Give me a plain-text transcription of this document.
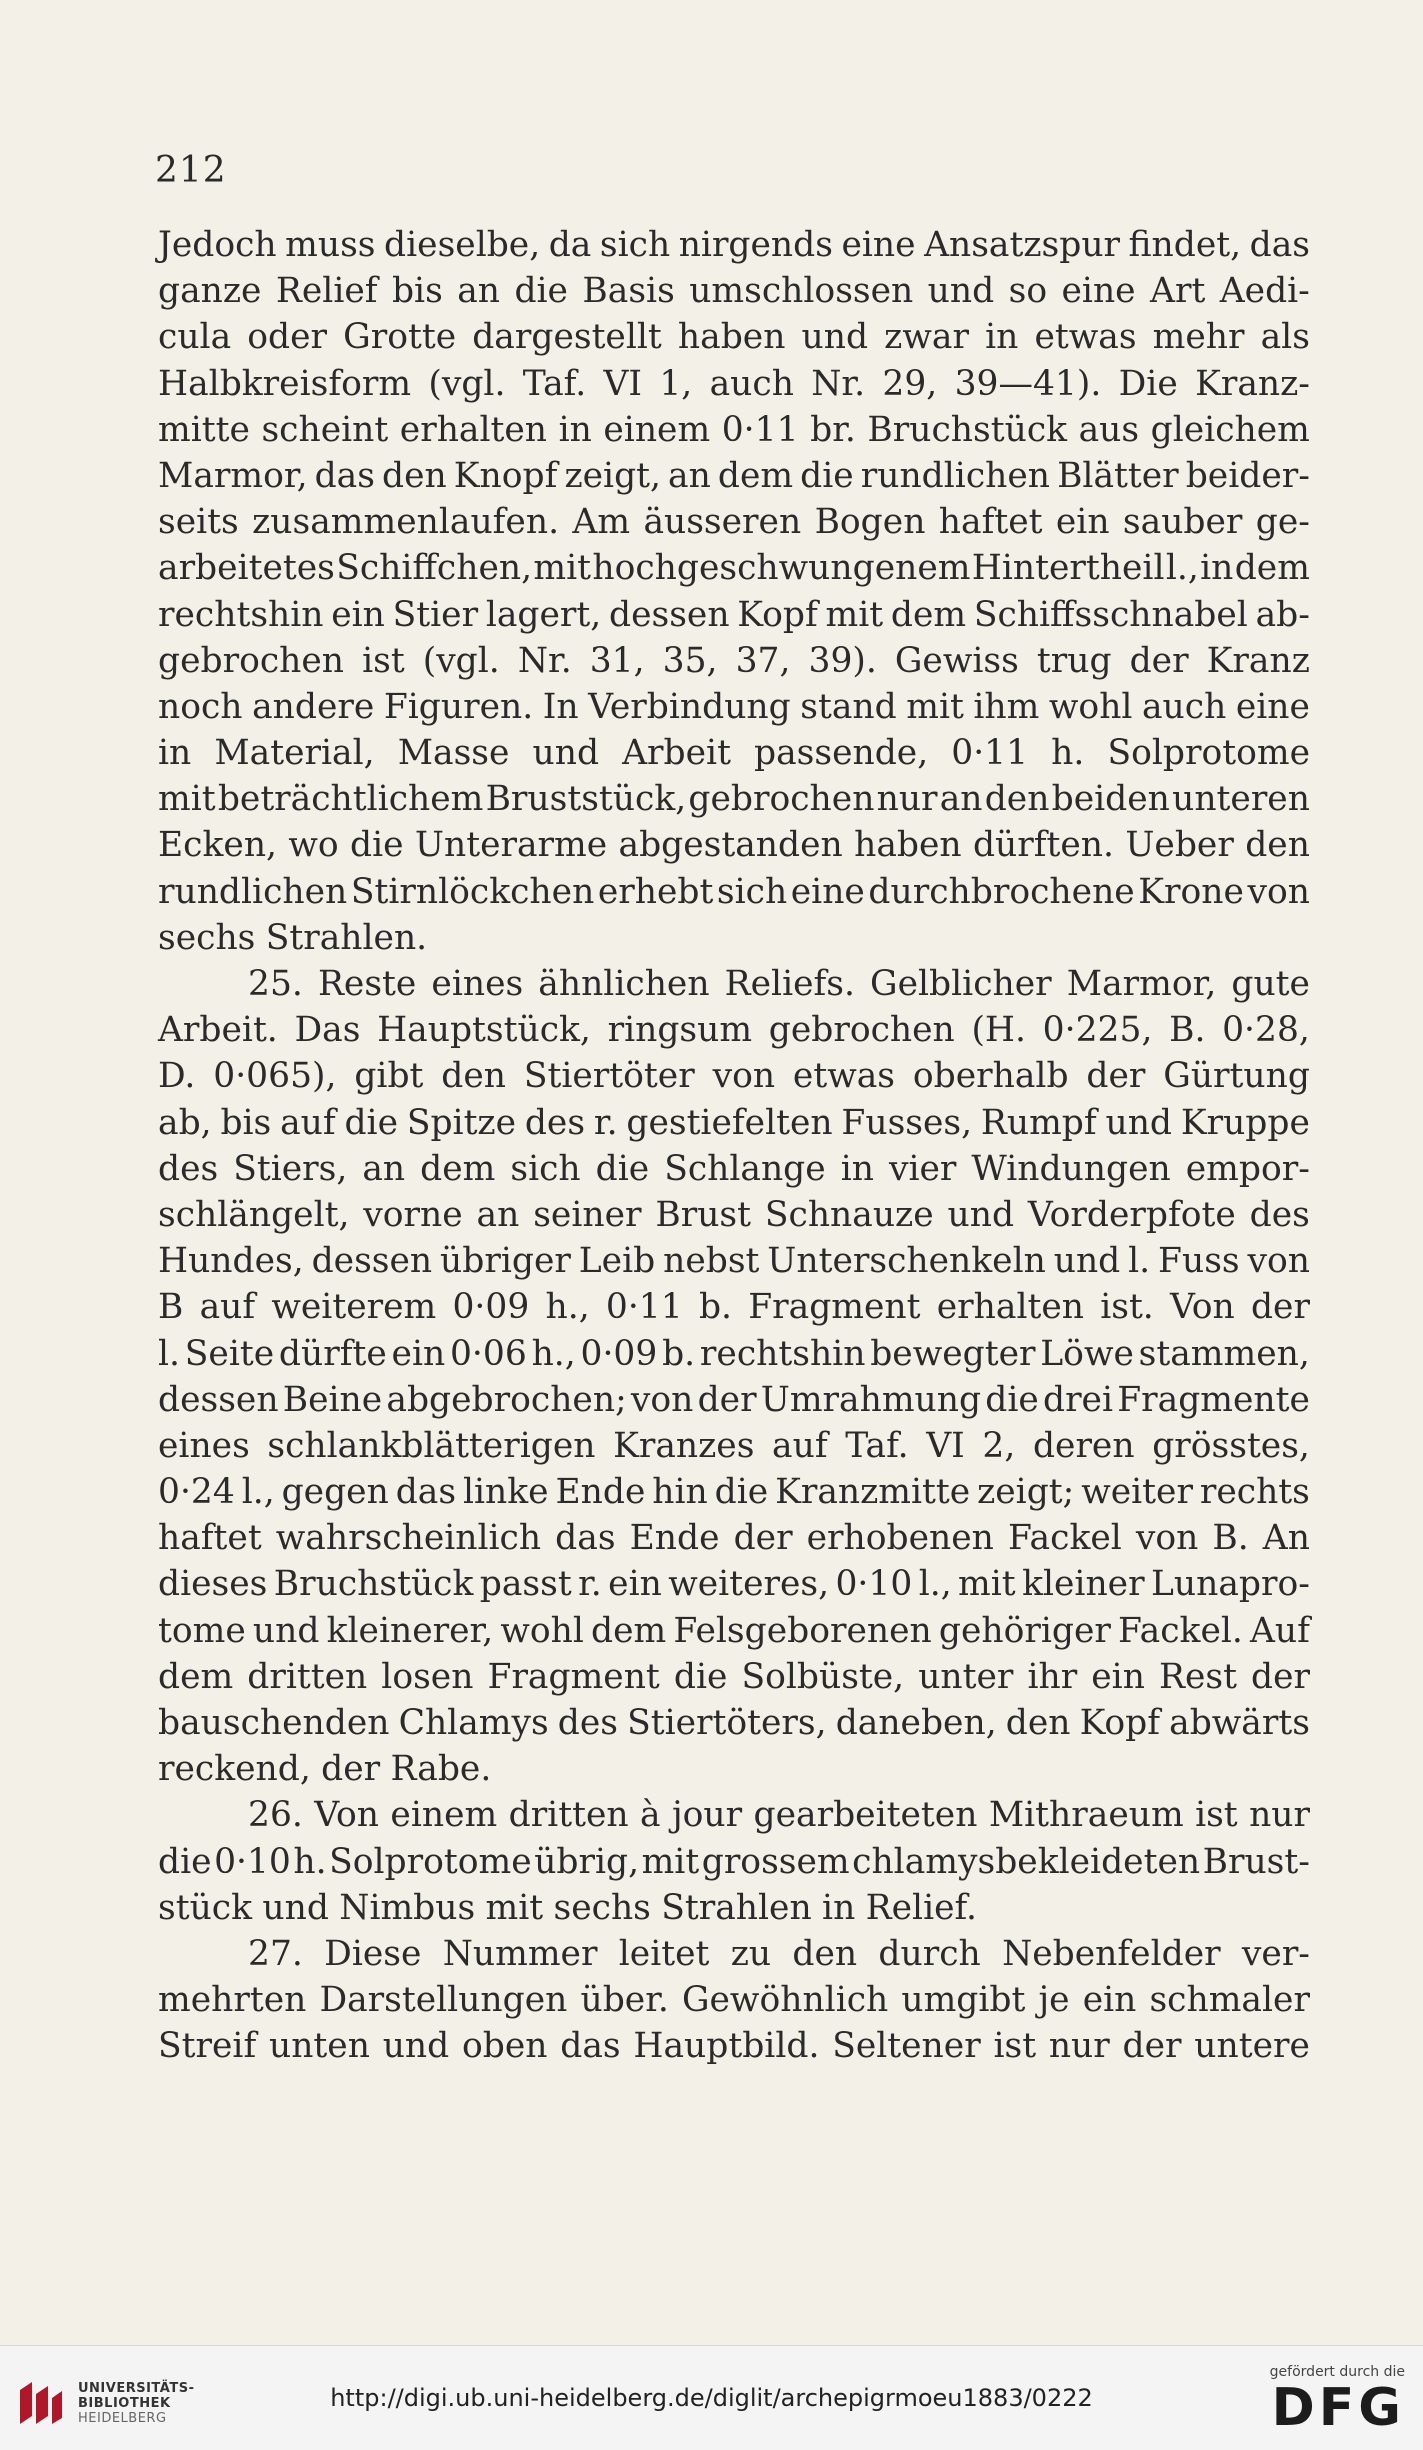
212
Jedoch muss dieselbe, da sich nirgends eine Ansatzspur findet, das
ganze Relief bis an die Basis umschlossen und so eine Art Aedi-
cula oder Grotte dargestellt haben und zwar in etwas mehr als
Halbkreisform (vgl. Taf. VI 1, auch Nr. 29, 39—41). Die Kranz-
mitte scheint erhalten in einem 0·11 br. Bruchstück aus gleichem
Marmor, das den Knopf zeigt, an dem die rundlichen Blätter beider-
seits zusammenlaufen. Am äusseren Bogen haftet ein sauber ge-
arbeitetes Schiffchen, mit hochgeschwungenem Hintertheil l., in dem
rechtshin ein Stier lagert, dessen Kopf mit dem Schiffsschnabel ab-
gebrochen ist (vgl. Nr. 31, 35, 37, 39). Gewiss trug der Kranz
noch andere Figuren. In Verbindung stand mit ihm wohl auch eine
in Material, Masse und Arbeit passende, 0·11 h. Solprotome
mit beträchtlichem Bruststück, gebrochen nur an den beiden unteren
Ecken, wo die Unterarme abgestanden haben dürften. Ueber den
rundlichen Stirnlöckchen erhebt sich eine durchbrochene Krone von
sechs Strahlen.
25. Reste eines ähnlichen Reliefs. Gelblicher Marmor, gute
Arbeit. Das Hauptstück, ringsum gebrochen (H. 0·225, B. 0·28,
D. 0·065), gibt den Stiertöter von etwas oberhalb der Gürtung
ab, bis auf die Spitze des r. gestiefelten Fusses, Rumpf und Kruppe
des Stiers, an dem sich die Schlange in vier Windungen empor-
schlängelt, vorne an seiner Brust Schnauze und Vorderpfote des
Hundes, dessen übriger Leib nebst Unterschenkeln und l. Fuss von
B auf weiterem 0·09 h., 0·11 b. Fragment erhalten ist. Von der
l. Seite dürfte ein 0·06 h., 0·09 b. rechtshin bewegter Löwe stammen,
dessen Beine abgebrochen; von der Umrahmung die drei Fragmente
eines schlankblätterigen Kranzes auf Taf. VI 2, deren grösstes,
0·24 l., gegen das linke Ende hin die Kranzmitte zeigt; weiter rechts
haftet wahrscheinlich das Ende der erhobenen Fackel von B. An
dieses Bruchstück passt r. ein weiteres, 0·10 l., mit kleiner Lunapro-
tome und kleinerer, wohl dem Felsgeborenen gehöriger Fackel. Auf
dem dritten losen Fragment die Solbüste, unter ihr ein Rest der
bauschenden Chlamys des Stiertöters, daneben, den Kopf abwärts
reckend, der Rabe.
26. Von einem dritten à jour gearbeiteten Mithraeum ist nur
die 0·10 h. Solprotome übrig, mit grossem chlamysbekleideten Brust-
stück und Nimbus mit sechs Strahlen in Relief.
27. Diese Nummer leitet zu den durch Nebenfelder ver-
mehrten Darstellungen über. Gewöhnlich umgibt je ein schmaler
Streif unten und oben das Hauptbild. Seltener ist nur der untere
UNIVERSITÄTS-
BIBLIOTHEK
HEIDELBERG
http://digi.ub.uni-heidelberg.de/diglit/archepigrmoeu1883/0222
gefördert durch die
DFG
